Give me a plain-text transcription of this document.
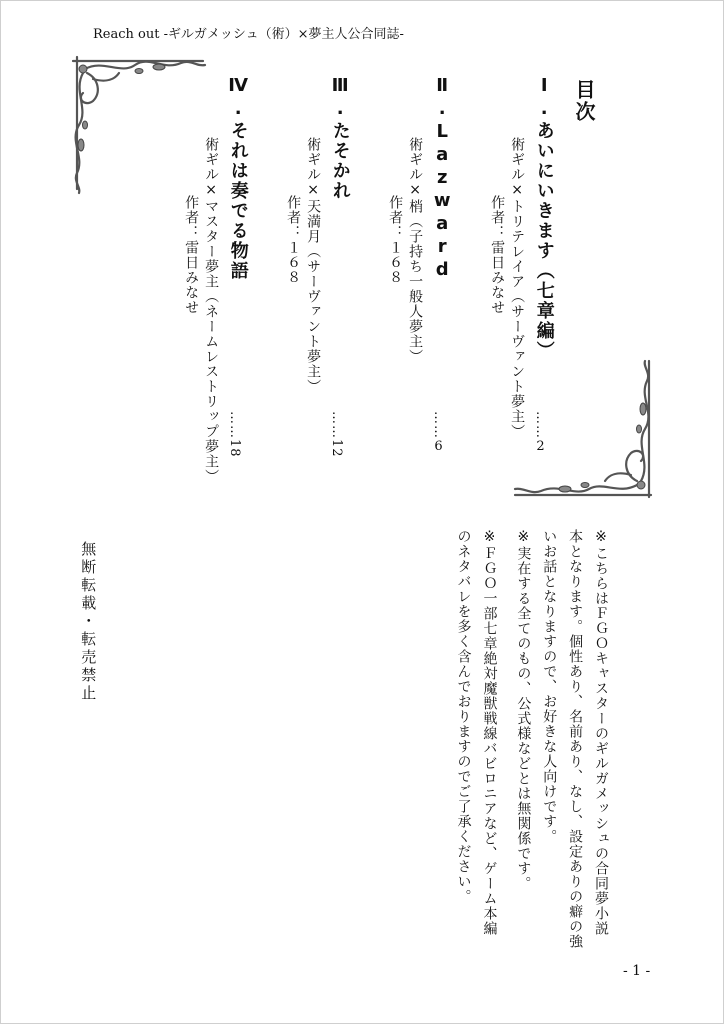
Reach out -ギルガメッシュ（術）×夢主人公合同誌-
目次
Ⅰ.あいにいきます（七章編）
術ギル×トリテレイア（サーヴァント夢主）
作者：雷日みなせ
……2
Ⅱ.Lazward
術ギル×梢（子持ち一般人夢主）
作者：１６８
……6
Ⅲ.たそかれ
術ギル×天満月（サーヴァント夢主）
作者：１６８
……12
Ⅳ.それは奏でる物語
術ギル×マスター夢主（ネームレストリップ夢主）
作者：雷日みなせ
……18

※こちらはＦＧＯキャスターのギルガメッシュの合同夢小説本となります。個性あり、名前あり、なし、設定ありの癖の強いお話となりますので、お好きな人向けです。

※実在する全てのもの、公式様などとは無関係です。

※ＦＧＯ一部七章絶対魔獣戦線バビロニアなど、ゲーム本編のネタバレを多く含んでおりますのでご了承ください。

無断転載・転売禁止
- 1 -
